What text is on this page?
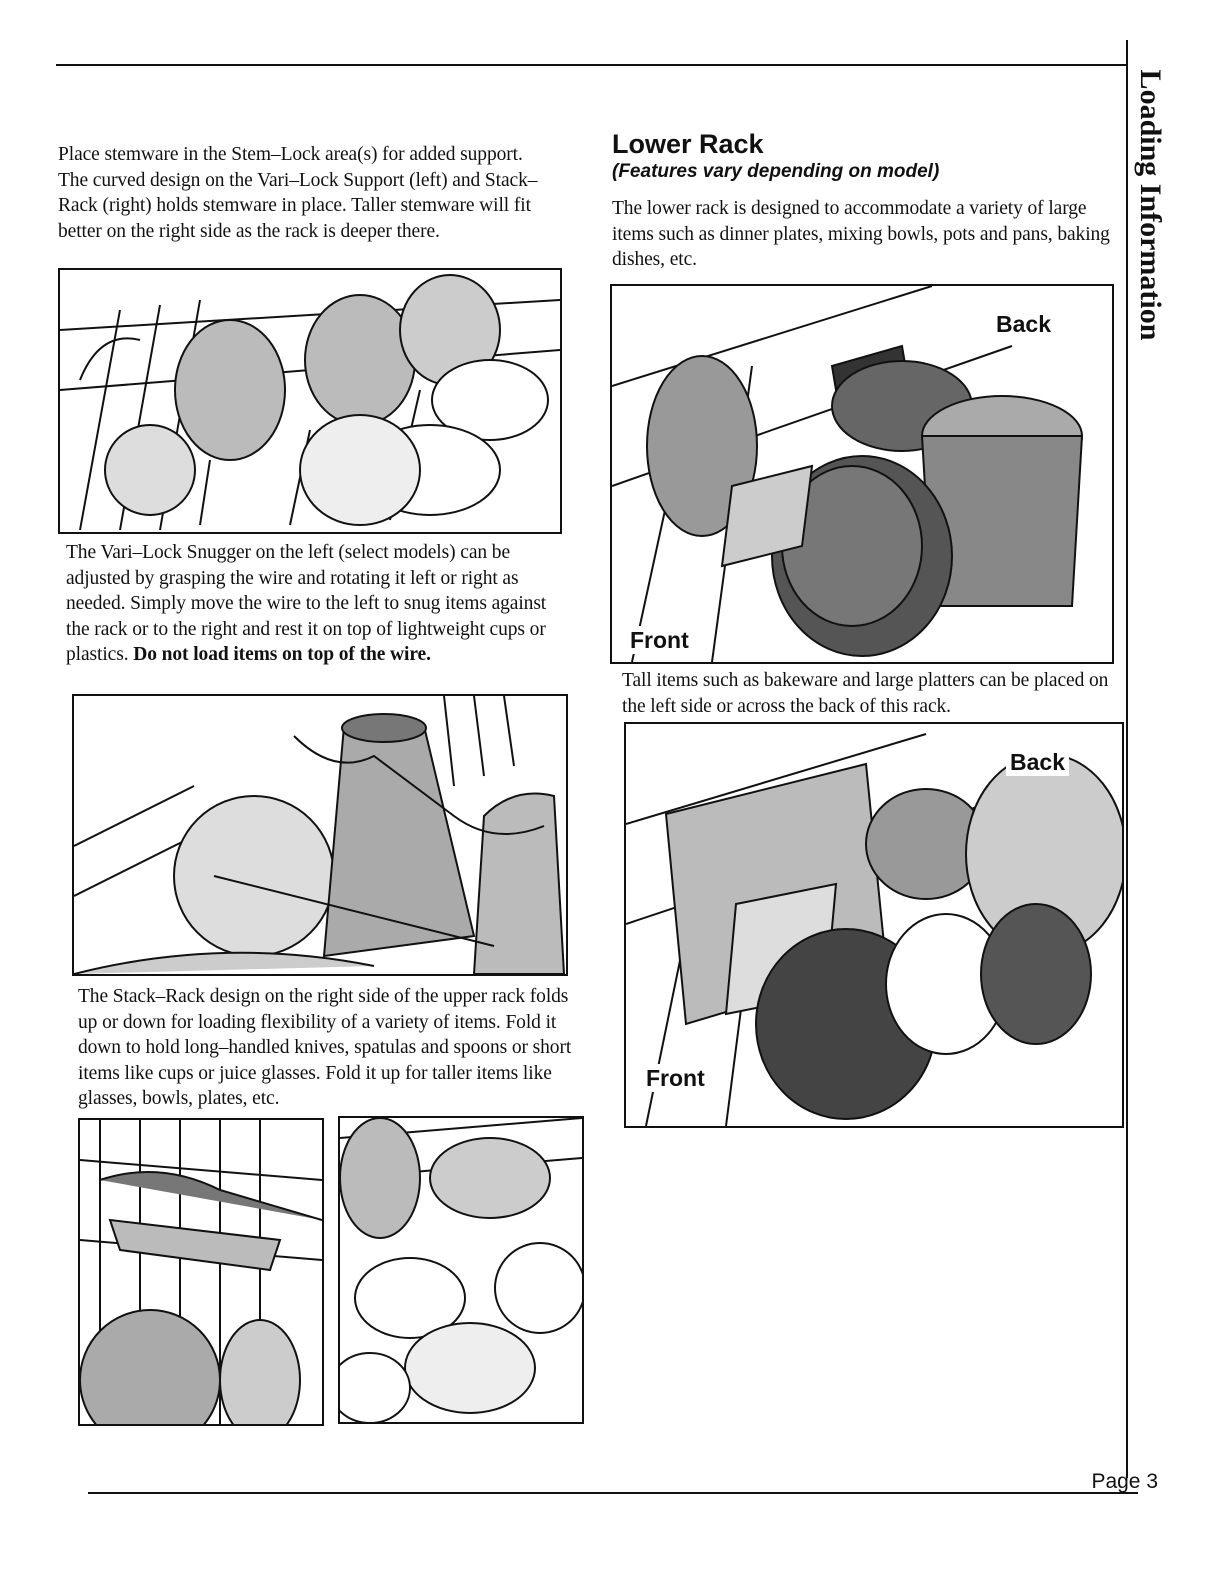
Loading Information

Place stemware in the Stem–Lock area(s) for added support. The curved design on the Vari–Lock Support (left) and Stack–Rack (right) holds stemware in place. Taller stemware will fit better on the right side as the rack is deeper there.

The Vari–Lock Snugger on the left (select models) can be adjusted by grasping the wire and rotating it left or right as needed. Simply move the wire to the left to snug items against the rack or to the right and rest it on top of lightweight cups or plastics. Do not load items on top of the wire.

The Stack–Rack design on the right side of the upper rack folds up or down for loading flexibility of a variety of items. Fold it down to hold long–handled knives, spatulas and spoons or short items like cups or juice glasses. Fold it up for taller items like glasses, bowls, plates, etc.

Lower Rack
(Features vary depending on model)

The lower rack is designed to accommodate a variety of large items such as dinner plates, mixing bowls, pots and pans, baking dishes, etc.

Back
Front

Tall items such as bakeware and large platters can be placed on the left side or across the back of this rack.

Back
Front
Page 3
